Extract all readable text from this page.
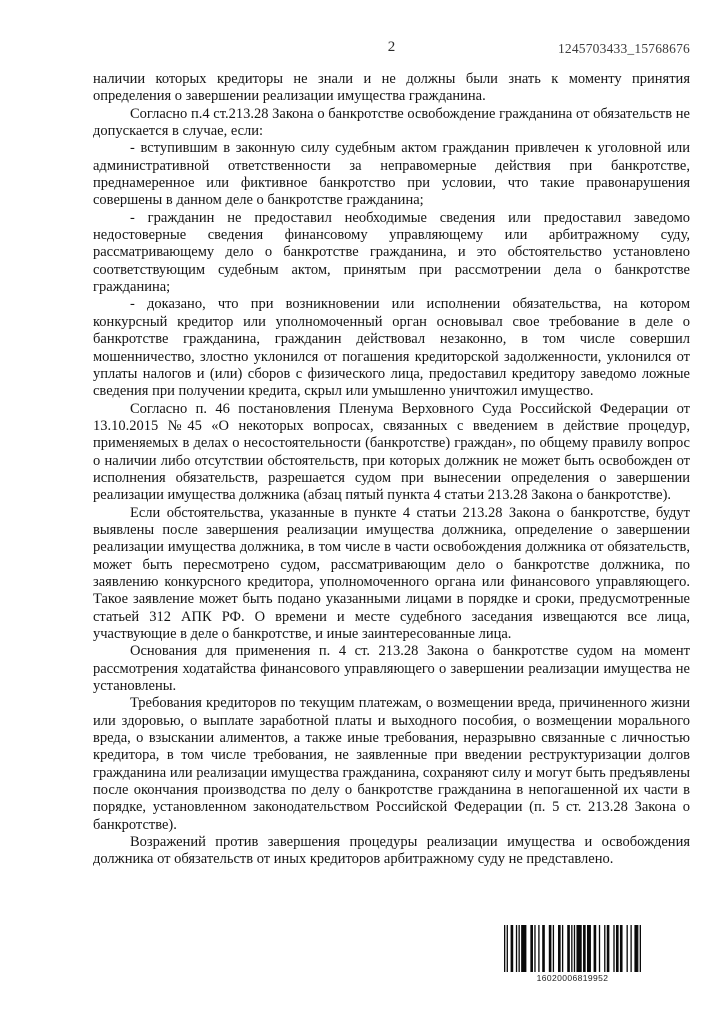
2	1245703433_15768676

наличии которых кредиторы не знали и не должны были знать к моменту принятия определения о завершении реализации имущества гражданина.

Согласно п.4 ст.213.28 Закона о банкротстве освобождение гражданина от обязательств не допускается в случае, если:

- вступившим в законную силу судебным актом гражданин привлечен к уголовной или административной ответственности за неправомерные действия при банкротстве, преднамеренное или фиктивное банкротство при условии, что такие правонарушения совершены в данном деле о банкротстве гражданина;

- гражданин не предоставил необходимые сведения или предоставил заведомо недостоверные сведения финансовому управляющему или арбитражному суду, рассматривающему дело о банкротстве гражданина, и это обстоятельство установлено соответствующим судебным актом, принятым при рассмотрении дела о банкротстве гражданина;

- доказано, что при возникновении или исполнении обязательства, на котором конкурсный кредитор или уполномоченный орган основывал свое требование в деле о банкротстве гражданина, гражданин действовал незаконно, в том числе совершил мошенничество, злостно уклонился от погашения кредиторской задолженности, уклонился от уплаты налогов и (или) сборов с физического лица, предоставил кредитору заведомо ложные сведения при получении кредита, скрыл или умышленно уничтожил имущество.

Согласно п. 46 постановления Пленума Верховного Суда Российской Федерации от 13.10.2015 №45 «О некоторых вопросах, связанных с введением в действие процедур, применяемых в делах о несостоятельности (банкротстве) граждан», по общему правилу вопрос о наличии либо отсутствии обстоятельств, при которых должник не может быть освобожден от исполнения обязательств, разрешается судом при вынесении определения о завершении реализации имущества должника (абзац пятый пункта 4 статьи 213.28 Закона о банкротстве).

Если обстоятельства, указанные в пункте 4 статьи 213.28 Закона о банкротстве, будут выявлены после завершения реализации имущества должника, определение о завершении реализации имущества должника, в том числе в части освобождения должника от обязательств, может быть пересмотрено судом, рассматривающим дело о банкротстве должника, по заявлению конкурсного кредитора, уполномоченного органа или финансового управляющего. Такое заявление может быть подано указанными лицами в порядке и сроки, предусмотренные статьей 312 АПК РФ. О времени и месте судебного заседания извещаются все лица, участвующие в деле о банкротстве, и иные заинтересованные лица.

Основания для применения п. 4 ст. 213.28 Закона о банкротстве судом на момент рассмотрения ходатайства финансового управляющего о завершении реализации имущества не установлены.

Требования кредиторов по текущим платежам, о возмещении вреда, причиненного жизни или здоровью, о выплате заработной платы и выходного пособия, о возмещении морального вреда, о взыскании алиментов, а также иные требования, неразрывно связанные с личностью кредитора, в том числе требования, не заявленные при введении реструктуризации долгов гражданина или реализации имущества гражданина, сохраняют силу и могут быть предъявлены после окончания производства по делу о банкротстве гражданина в непогашенной их части в порядке, установленном законодательством Российской Федерации (п. 5 ст. 213.28 Закона о банкротстве).

Возражений против завершения процедуры реализации имущества и освобождения должника от обязательств от иных кредиторов арбитражному суду не представлено.

16020006819952
